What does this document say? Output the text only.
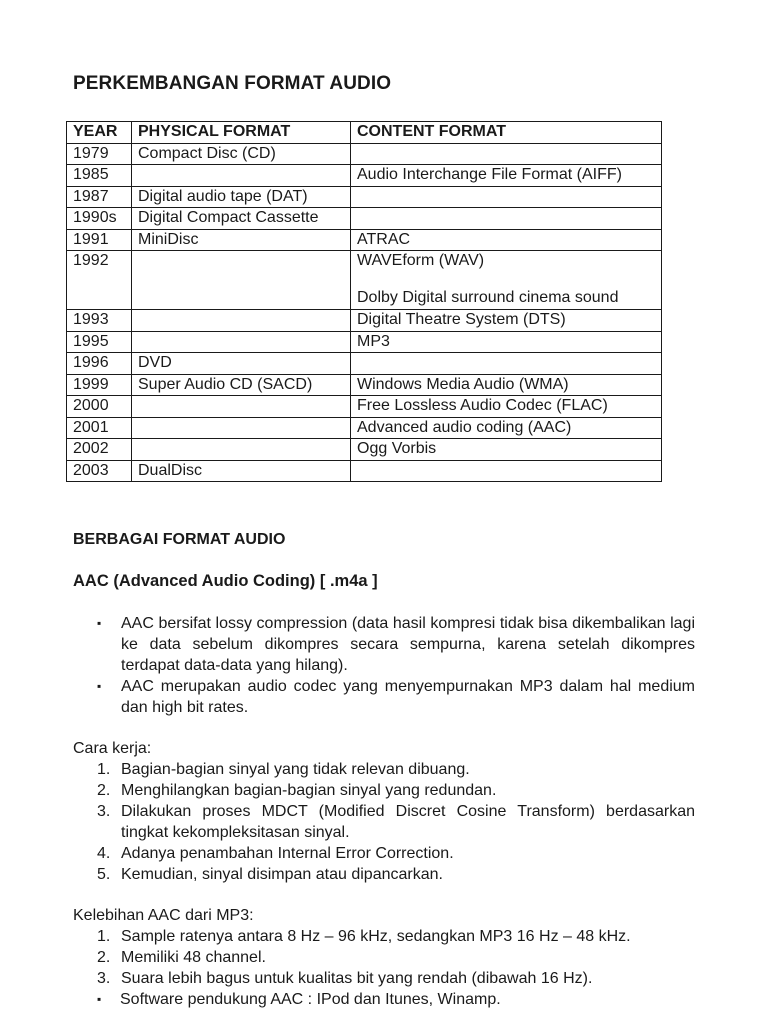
PERKEMBANGAN FORMAT AUDIO
YEAR	PHYSICAL FORMAT	CONTENT FORMAT
1979	Compact Disc (CD)	
1985		Audio Interchange File Format (AIFF)
1987	Digital audio tape (DAT)	
1990s	Digital Compact Cassette	
1991	MiniDisc	ATRAC
1992		WAVEform (WAV)
Dolby Digital surround cinema sound
1993		Digital Theatre System (DTS)
1995		MP3
1996	DVD	
1999	Super Audio CD (SACD)	Windows Media Audio (WMA)
2000		Free Lossless Audio Codec (FLAC)
2001		Advanced audio coding (AAC)
2002		Ogg Vorbis
2003	DualDisc	
BERBAGAI FORMAT AUDIO
AAC (Advanced Audio Coding) [ .m4a ]
▪ AAC bersifat lossy compression (data hasil kompresi tidak bisa dikembalikan lagi ke data sebelum dikompres secara sempurna, karena setelah dikompres terdapat data-data yang hilang).
▪ AAC merupakan audio codec yang menyempurnakan MP3 dalam hal medium dan high bit rates.

Cara kerja:

1. Bagian-bagian sinyal yang tidak relevan dibuang.
2. Menghilangkan bagian-bagian sinyal yang redundan.
3. Dilakukan proses MDCT (Modified Discret Cosine Transform) berdasarkan tingkat kekompleksitasan sinyal.
4. Adanya penambahan Internal Error Correction.
5. Kemudian, sinyal disimpan atau dipancarkan.

Kelebihan AAC dari MP3:

1. Sample ratenya antara 8 Hz – 96 kHz, sedangkan MP3 16 Hz – 48 kHz.
2. Memiliki 48 channel.
3. Suara lebih bagus untuk kualitas bit yang rendah (dibawah 16 Hz).
▪ Software pendukung AAC : IPod dan Itunes, Winamp.
